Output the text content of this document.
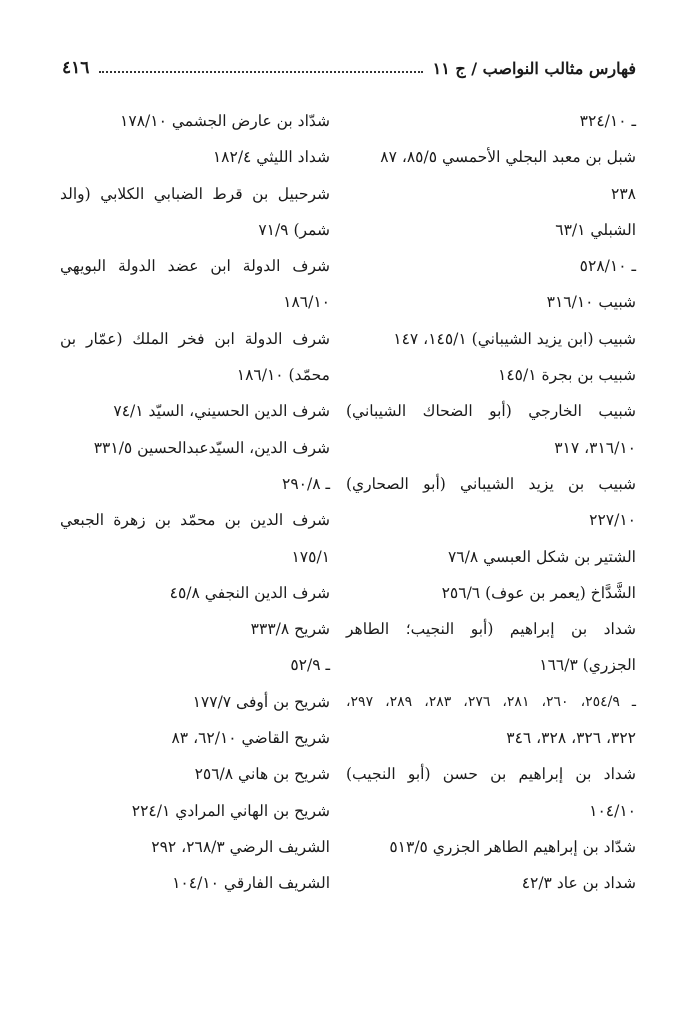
٤١٦	فهارس مثالب النواصب / ج ١١
ـ ٣٢٤/١٠
شبل بن معبد البجلي الأحمسي ٨٥/٥، ٨٧
٢٣٨
الشبلي ٦٣/١
ـ ٥٢٨/١٠
شبيب ٣١٦/١٠
شبيب (ابن يزيد الشيباني) ١٤٥/١، ١٤٧
شبيب بن بجرة ١٤٥/١
شبيب الخارجي (أبو الضحاك الشيباني)
٣١٦/١٠، ٣١٧
شبيب بن يزيد الشيباني (أبو الصحاري)
٢٢٧/١٠
الشتير بن شكل العبسي ٧٦/٨
الشَّدَّاخ (يعمر بن عوف) ٢٥٦/٦
شداد بن إبراهيم (أبو النجيب؛ الطاهر
الجزري) ١٦٦/٣
ـ ٢٥٤/٩، ٢٦٠، ٢٨١، ٢٧٦، ٢٨٣، ٢٨٩، ٢٩٧،
٣٢٢، ٣٢٦، ٣٢٨، ٣٤٦
شداد بن إبراهيم بن حسن (أبو النجيب)
١٠٤/١٠
شدّاد بن إبراهيم الطاهر الجزري ٥١٣/٥
شداد بن عاد ٤٢/٣
شدّاد بن عارض الجشمي ١٧٨/١٠
شداد الليثي ١٨٢/٤
شرحبيل بن قرط الضبابي الكلابي (والد
شمر) ٧١/٩
شرف الدولة ابن عضد الدولة البويهي
١٨٦/١٠
شرف الدولة ابن فخر الملك (عمّار بن
محمّد) ١٨٦/١٠
شرف الدين الحسيني، السيّد ٧٤/١
شرف الدين، السيّدعبدالحسين ٣٣١/٥
ـ ٢٩٠/٨
شرف الدين بن محمّد بن زهرة الجبعي
١٧٥/١
شرف الدين النجفي ٤٥/٨
شريح ٣٣٣/٨
ـ ٥٢/٩
شريح بن أوفى ١٧٧/٧
شريح القاضي ٦٢/١٠، ٨٣
شريح بن هاني ٢٥٦/٨
شريح بن الهاني المرادي ٢٢٤/١
الشريف الرضي ٢٦٨/٣، ٢٩٢
الشريف الفارقي ١٠٤/١٠
